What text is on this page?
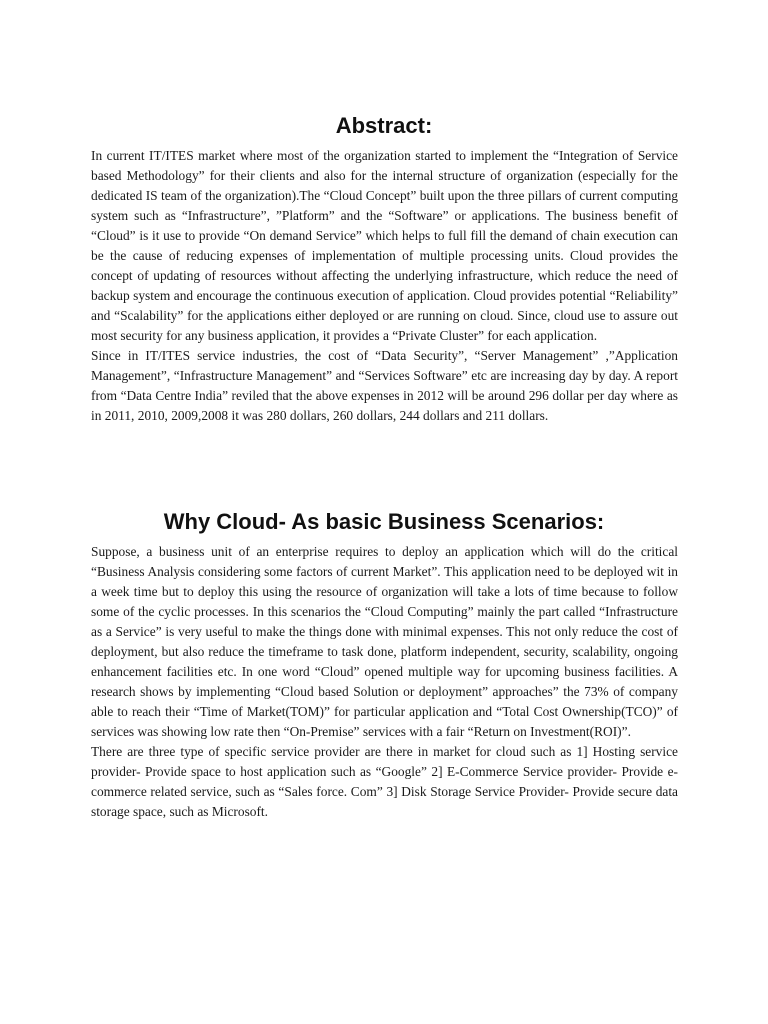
Abstract:

In current IT/ITES market where most of the organization started to implement the “Integration of Service based Methodology” for their clients and also for the internal structure of organization (especially for the dedicated IS team of the organization).The “Cloud Concept” built upon the three pillars of current computing system such as “Infrastructure”, ”Platform” and the “Software” or applications. The business benefit of “Cloud” is it use to provide “On demand Service” which helps to full fill the demand of chain execution can be the cause of reducing expenses of implementation of multiple processing units. Cloud provides the concept of updating of resources without affecting the underlying infrastructure, which reduce the need of backup system and encourage the continuous execution of application. Cloud provides potential “Reliability” and “Scalability” for the applications either deployed or are running on cloud. Since, cloud use to assure out most security for any business application, it provides a “Private Cluster” for each application.

Since in IT/ITES service industries, the cost of “Data Security”, “Server Management” ,”Application Management”, “Infrastructure Management” and “Services Software” etc are increasing day by day. A report from “Data Centre India” reviled that the above expenses in 2012 will be around 296 dollar per day where as in 2011, 2010, 2009,2008 it was 280 dollars, 260 dollars, 244 dollars and 211 dollars.

Why Cloud- As basic Business Scenarios:

Suppose, a business unit of an enterprise requires to deploy an application which will do the critical “Business Analysis considering some factors of current Market”. This application need to be deployed wit in a week time but to deploy this using the resource of organization will take a lots of time because to follow some of the cyclic processes. In this scenarios the “Cloud Computing” mainly the part called “Infrastructure as a Service” is very useful to make the things done with minimal expenses. This not only reduce the cost of deployment, but also reduce the timeframe to task done, platform independent, security, scalability, ongoing enhancement facilities etc. In one word “Cloud” opened multiple way for upcoming business facilities. A research shows by implementing “Cloud based Solution or deployment” approaches” the 73% of company able to reach their “Time of Market(TOM)” for particular application and “Total Cost Ownership(TCO)” of services was showing low rate then “On-Premise” services with a fair “Return on Investment(ROI)”.

There are three type of specific service provider are there in market for cloud such as 1] Hosting service provider- Provide space to host application such as “Google” 2] E-Commerce Service provider- Provide e-commerce related service, such as “Sales force. Com” 3] Disk Storage Service Provider- Provide secure data storage space, such as Microsoft.
